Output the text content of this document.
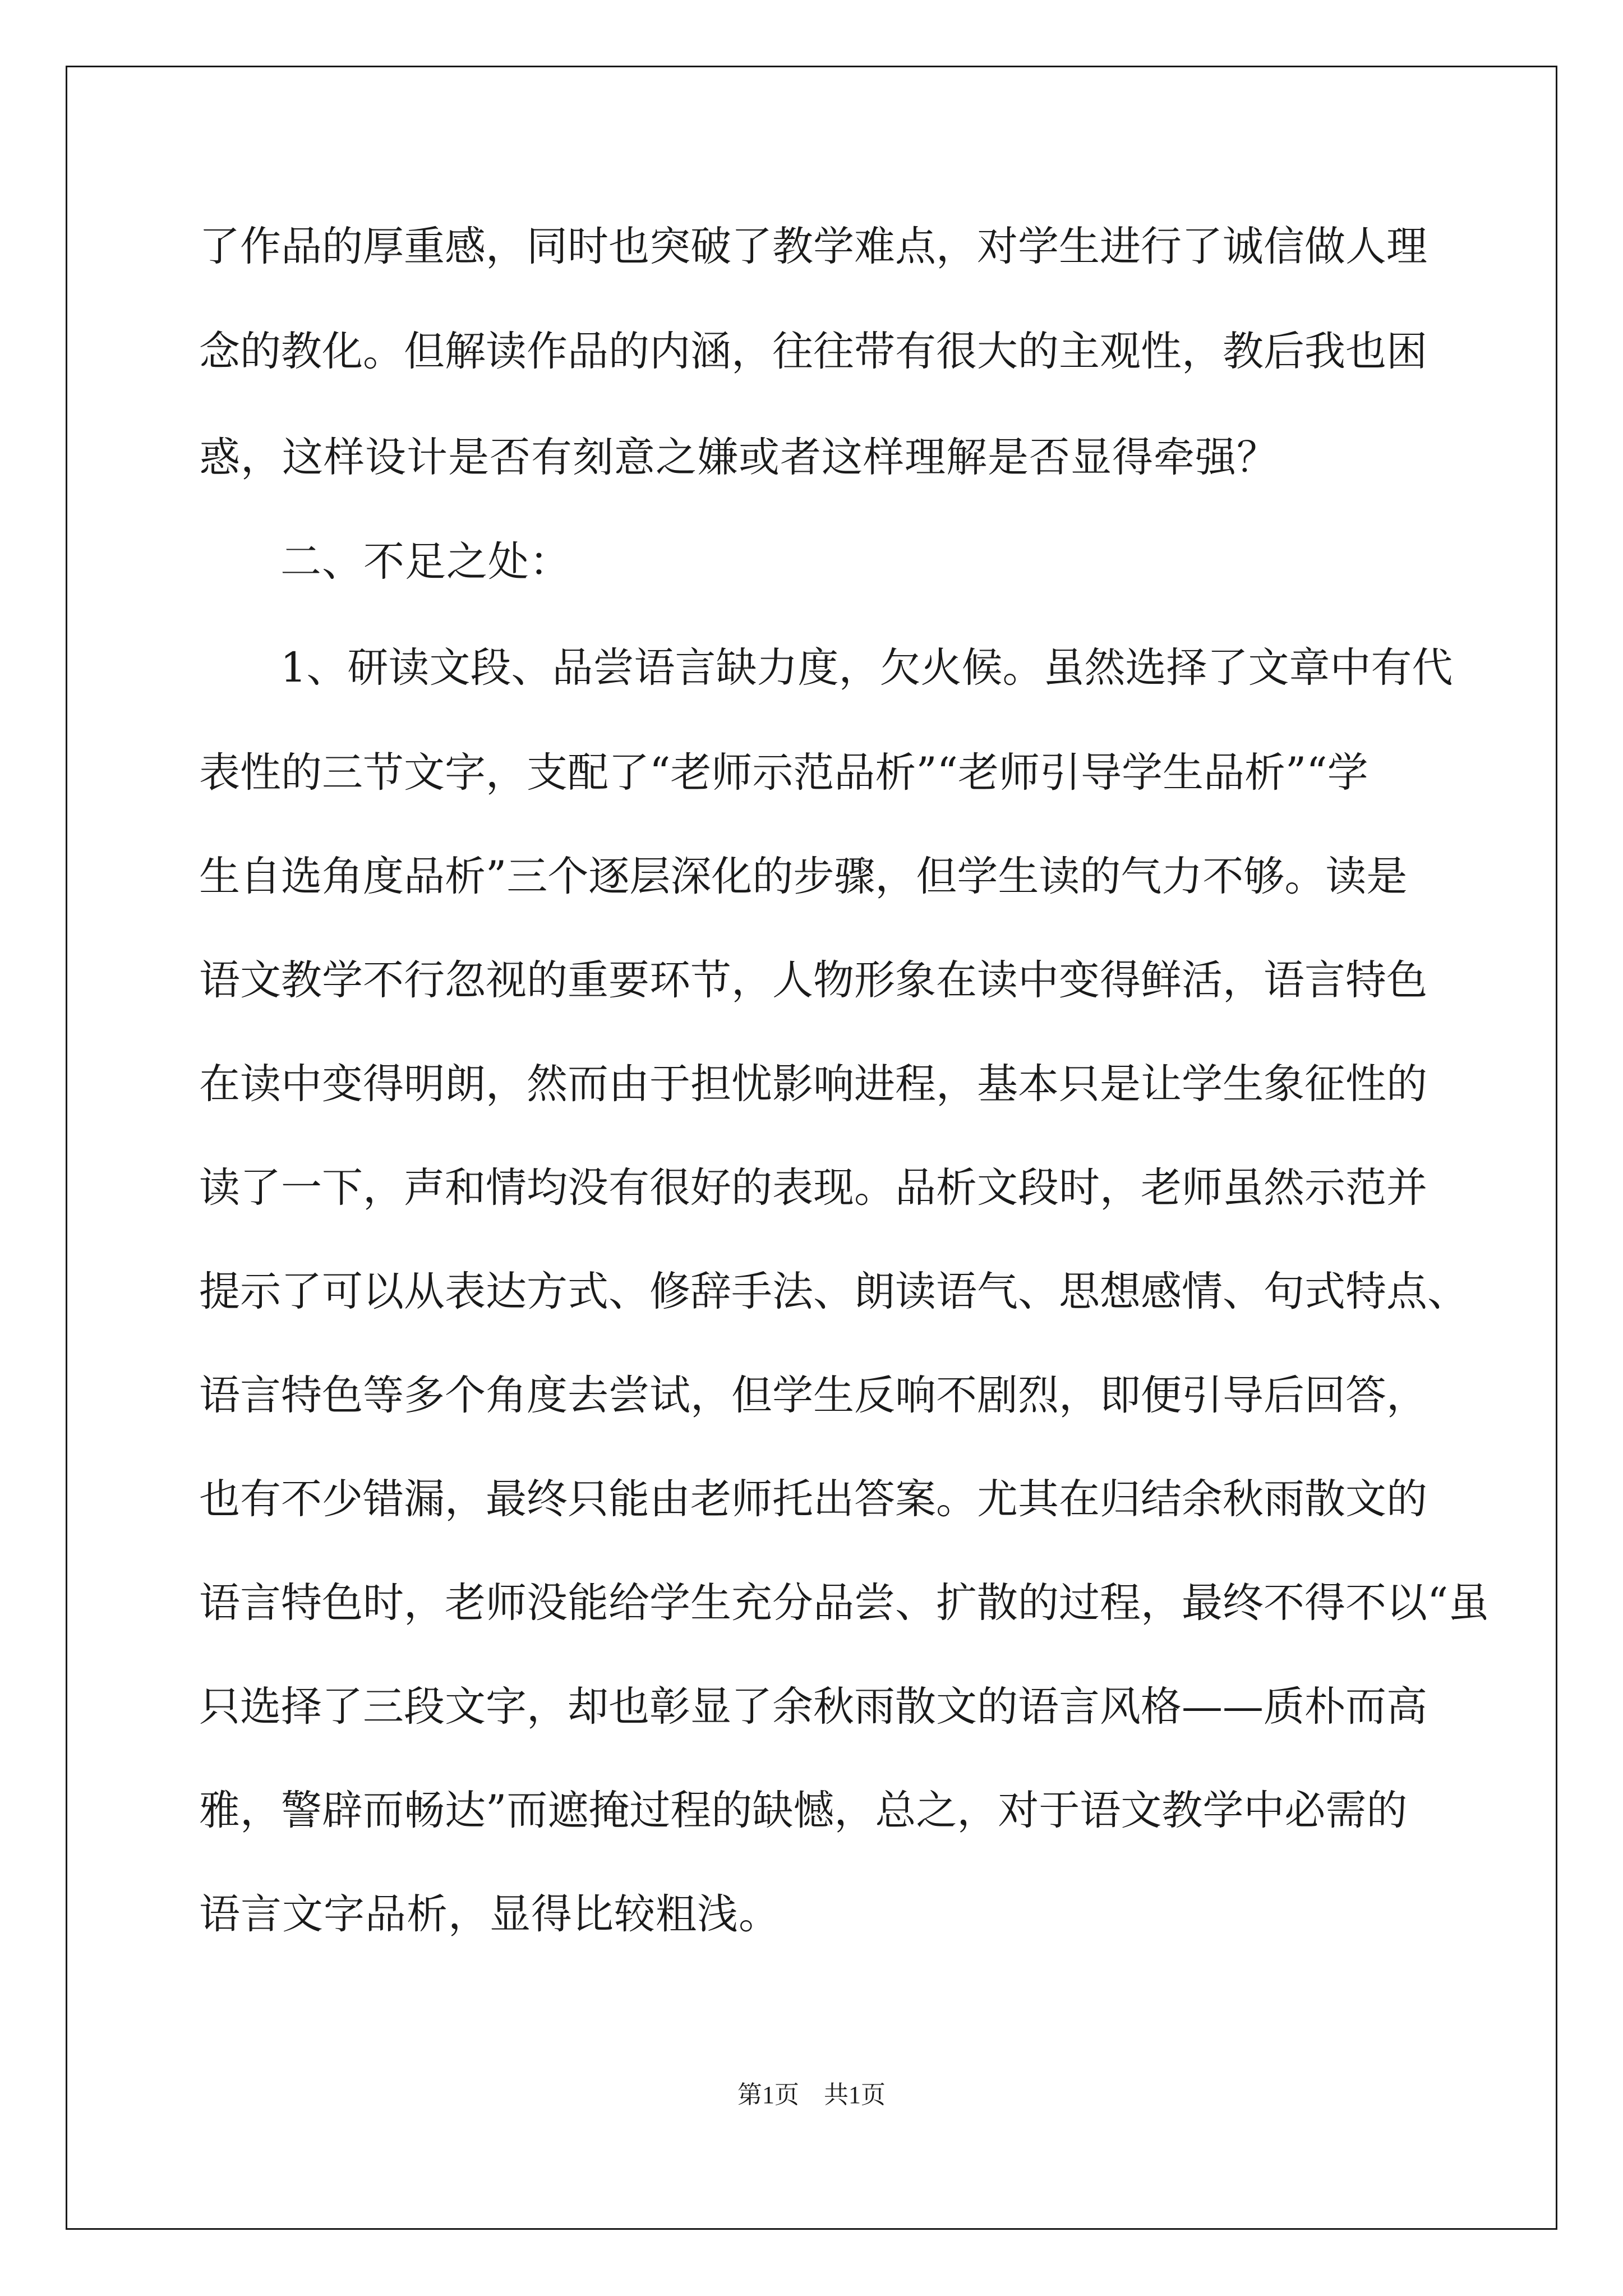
了作品的厚重感，同时也突破了教学难点，对学生进行了诚信做人理
念的教化。但解读作品的内涵，往往带有很大的主观性，教后我也困
惑，这样设计是否有刻意之嫌或者这样理解是否显得牵强？
二、不足之处：
1、研读文段、品尝语言缺力度，欠火候。虽然选择了文章中有代
表性的三节文字，支配了“老师示范品析”“老师引导学生品析”“学
生自选角度品析”三个逐层深化的步骤，但学生读的气力不够。读是
语文教学不行忽视的重要环节，人物形象在读中变得鲜活，语言特色
在读中变得明朗，然而由于担忧影响进程，基本只是让学生象征性的
读了一下，声和情均没有很好的表现。品析文段时，老师虽然示范并
提示了可以从表达方式、修辞手法、朗读语气、思想感情、句式特点、
语言特色等多个角度去尝试，但学生反响不剧烈，即便引导后回答，
也有不少错漏，最终只能由老师托出答案。尤其在归结余秋雨散文的
语言特色时，老师没能给学生充分品尝、扩散的过程，最终不得不以“虽
只选择了三段文字，却也彰显了余秋雨散文的语言风格——质朴而高
雅，警辟而畅达”而遮掩过程的缺憾，总之，对于语文教学中必需的
语言文字品析，显得比较粗浅。
第1页　共1页
